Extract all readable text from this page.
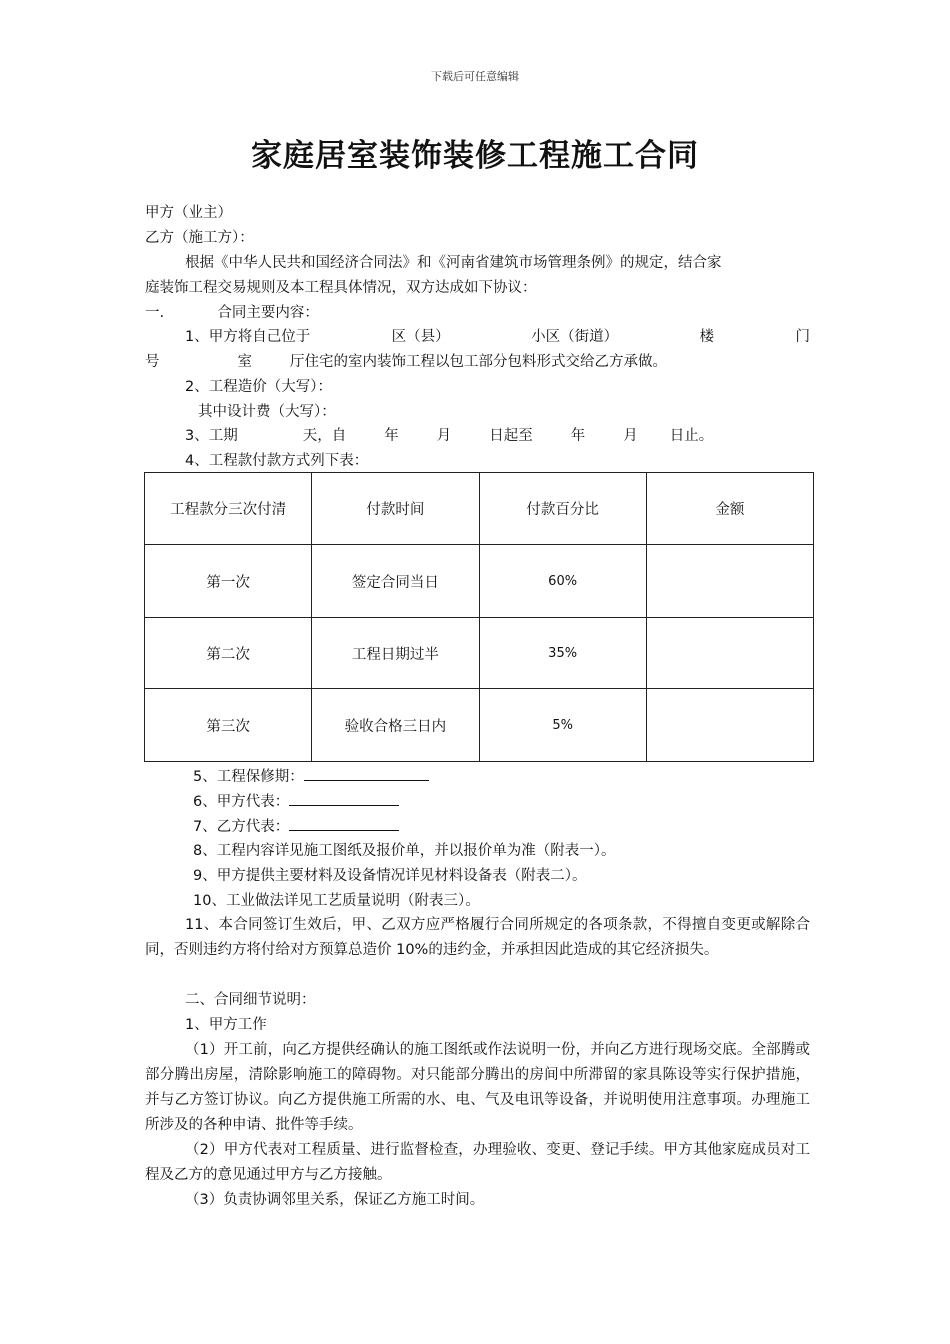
下载后可任意编辑
家庭居室装饰装修工程施工合同
甲方（业主）
乙方（施工方）：
根据《中华人民共和国经济合同法》和《河南省建筑市场管理条例》的规定，结合家
庭装饰工程交易规则及本工程具体情况，双方达成如下协议：
一.	合同主要内容：
1、甲方将自己位于	区（县）	小区（街道）	楼	门
号	室	厅住宅的室内装饰工程以包工部分包料形式交给乙方承做。
2、工程造价（大写）：
其中设计费（大写）：
3、工期	天，自	年	月	日起至	年	月 日止。
4、工程款付款方式列下表：
工程款分三次付清	付款时间	付款百分比	金额
第一次	签定合同当日	60%	
第二次	工程日期过半	35%	
第三次	验收合格三日内	5%	
5、工程保修期：
6、甲方代表：
7、乙方代表：
8、工程内容详见施工图纸及报价单，并以报价单为准（附表一）。
9、甲方提供主要材料及设备情况详见材料设备表（附表二）。
10、工业做法详见工艺质量说明（附表三）。
11、本合同签订生效后，甲、乙双方应严格履行合同所规定的各项条款，不得擅自变更或解除合同，否则违约方将付给对方预算总造价 10%的违约金，并承担因此造成的其它经济损失。
二、合同细节说明：
1、甲方工作
（1）开工前，向乙方提供经确认的施工图纸或作法说明一份，并向乙方进行现场交底。全部腾或部分腾出房屋，清除影响施工的障碍物。对只能部分腾出的房间中所滞留的家具陈设等实行保护措施，并与乙方签订协议。向乙方提供施工所需的水、电、气及电讯等设备，并说明使用注意事项。办理施工所涉及的各种申请、批件等手续。
（2）甲方代表对工程质量、进行监督检查，办理验收、变更、登记手续。甲方其他家庭成员对工程及乙方的意见通过甲方与乙方接触。
（3）负责协调邻里关系，保证乙方施工时间。
